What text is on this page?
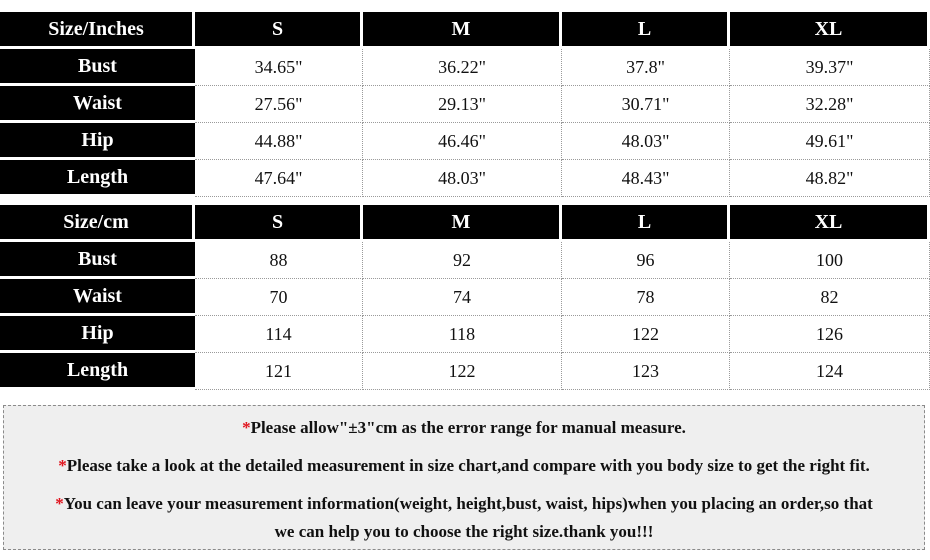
Size/Inches	S	M	L	XL
Bust	34.65"	36.22"	37.8"	39.37"
Waist	27.56"	29.13"	30.71"	32.28"
Hip	44.88"	46.46"	48.03"	49.61"
Length	47.64"	48.03"	48.43"	48.82"
Size/cm	S	M	L	XL
Bust	88	92	96	100
Waist	70	74	78	82
Hip	114	118	122	126
Length	121	122	123	124
*Please allow"±3"cm as the error range for manual measure.
*Please take a look at the detailed measurement in size chart,and compare with you body size to get the right fit.
*You can leave your measurement information(weight, height,bust, waist, hips)when you placing an order,so that
we can help you to choose the right size.thank you!!!
